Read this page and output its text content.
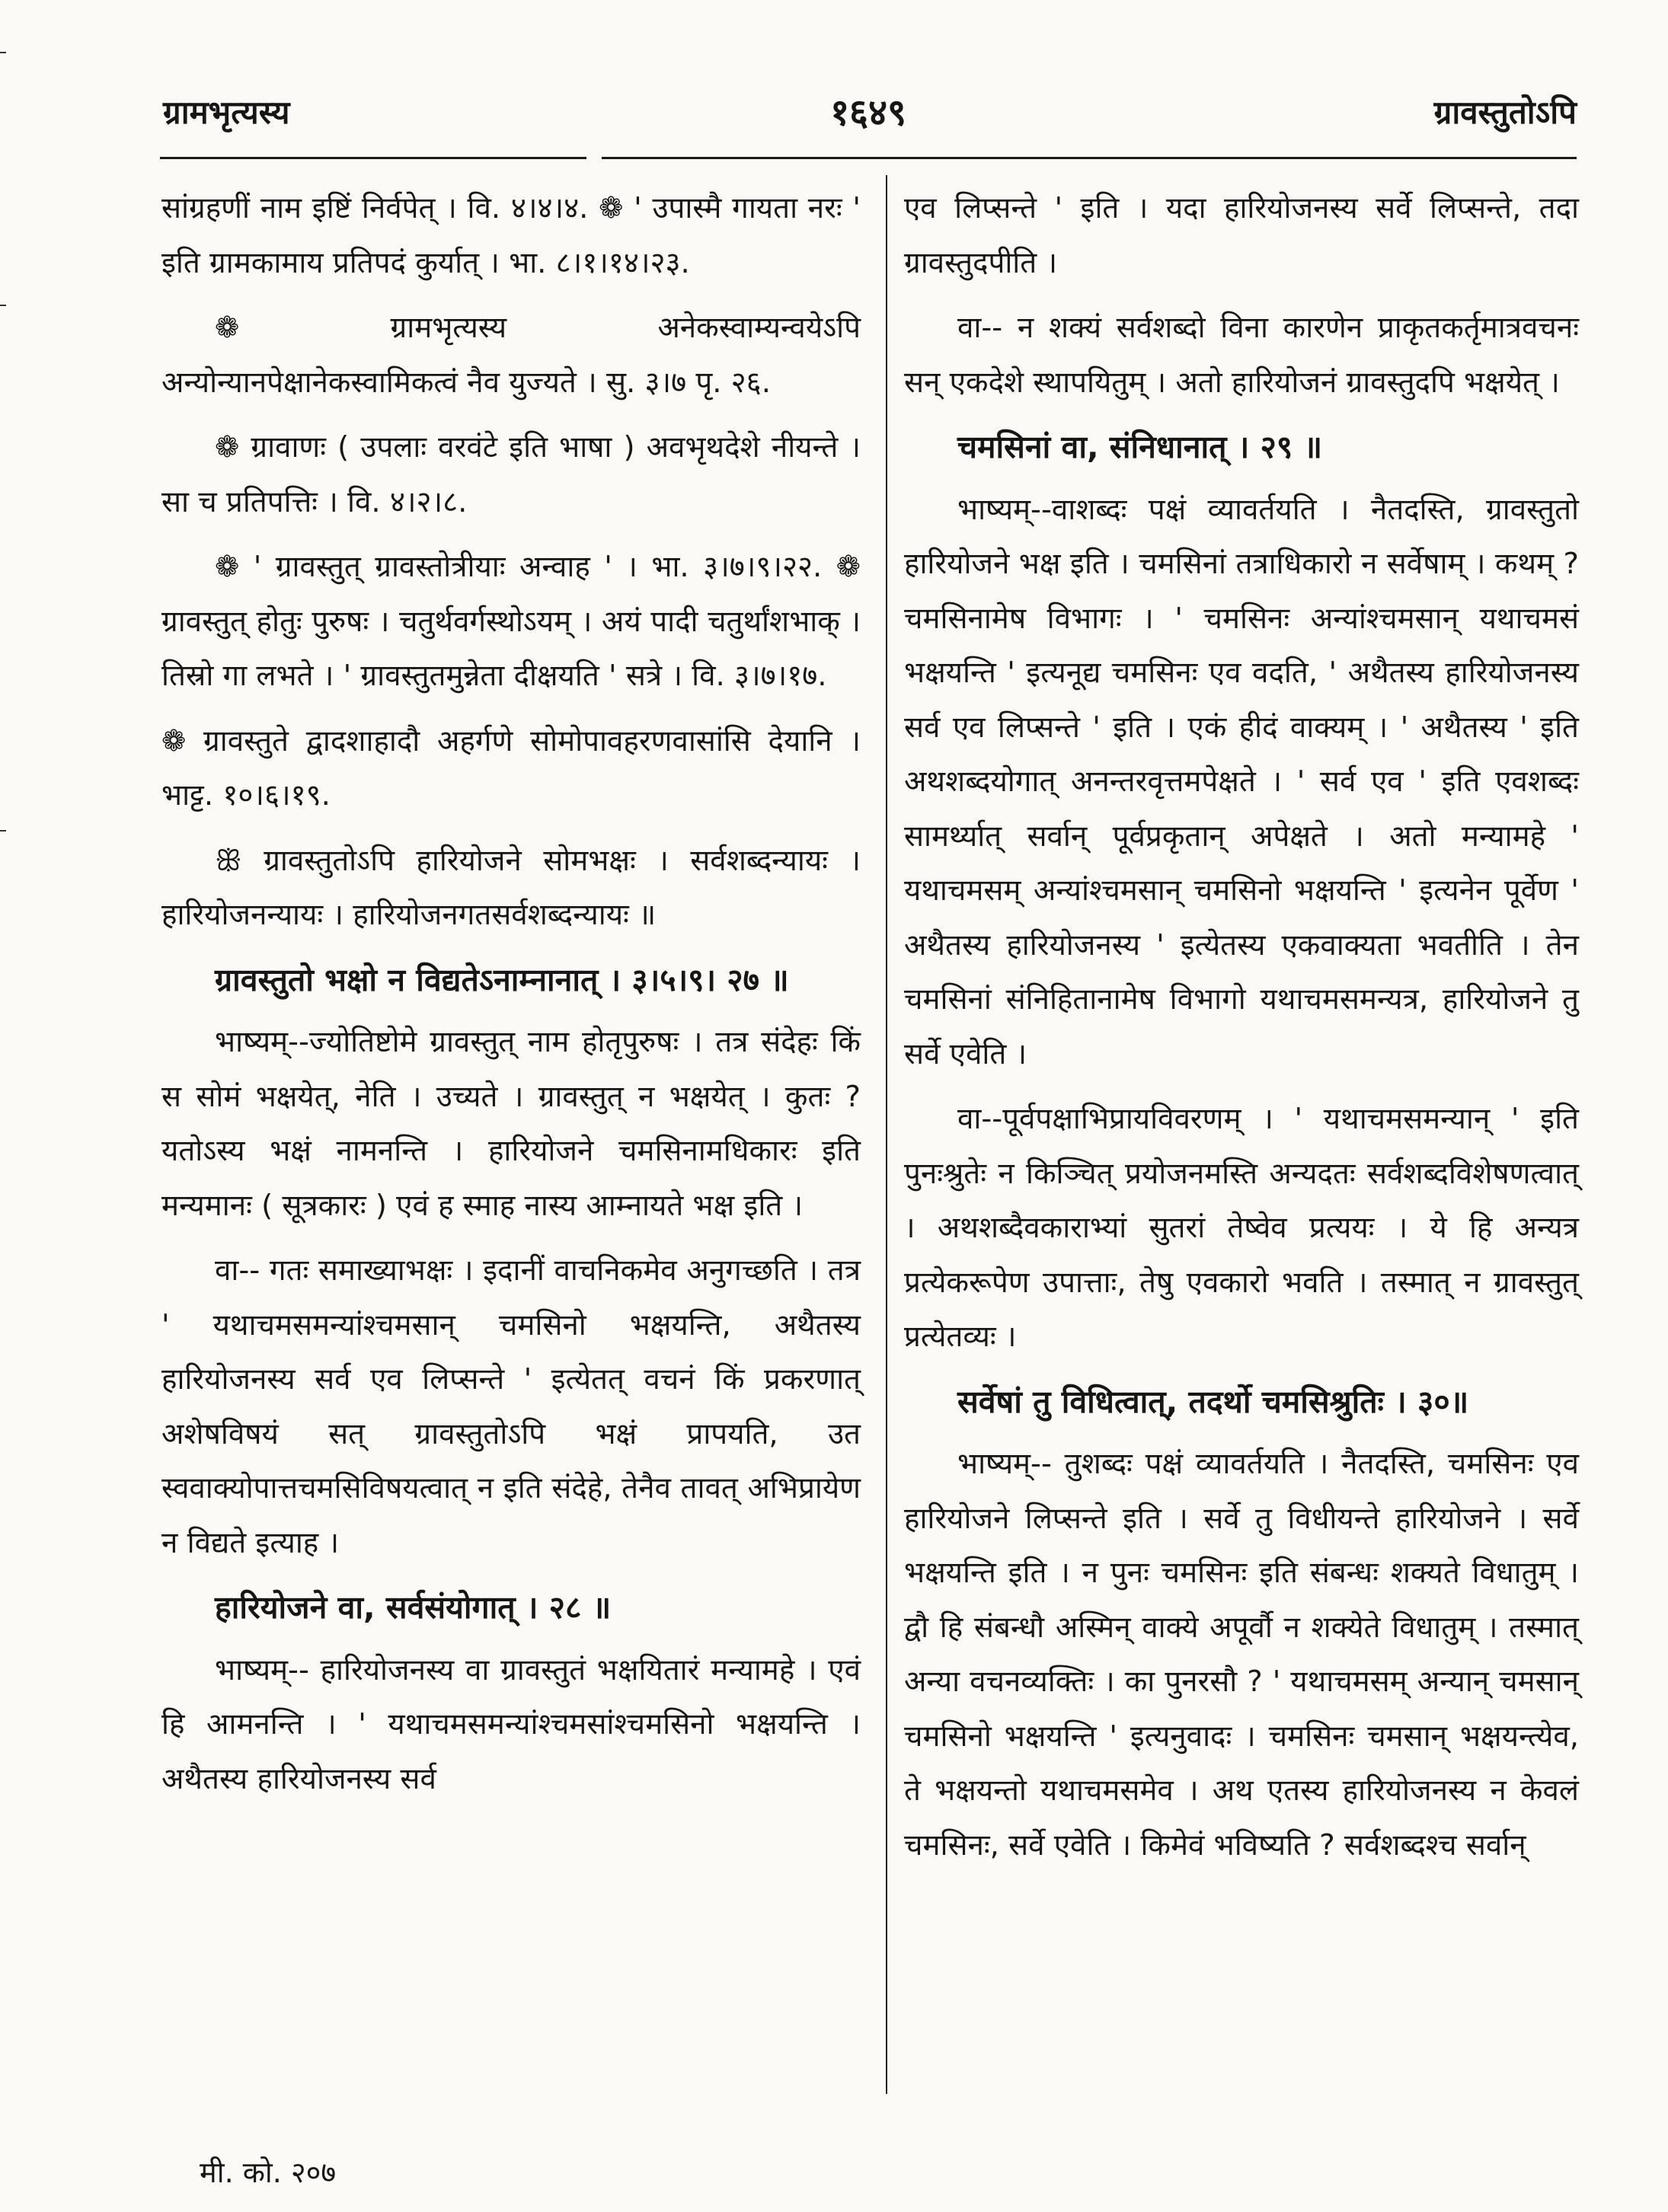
ग्रामभृत्यस्य	१६४९	ग्रावस्तुतोऽपि

सांग्रहणीं नाम इष्टिं निर्वपेत् । वि. ४।४।४. ❁ ' उपास्मै गायता नरः ' इति ग्रामकामाय प्रतिपदं कुर्यात् । भा. ८।१।१४।२३.

❁ ग्रामभृत्यस्य अनेकस्वाम्यन्वयेऽपि अन्योन्यानपेक्षानेकस्वामिकत्वं नैव युज्यते । सु. ३।७ पृ. २६.

❁ ग्रावाणः ( उपलाः वरवंटे इति भाषा ) अवभृथदेशे नीयन्ते । सा च प्रतिपत्तिः । वि. ४।२।८.

❁ ' ग्रावस्तुत् ग्रावस्तोत्रीयाः अन्वाह ' । भा. ३।७।९।२२. ❁ ग्रावस्तुत् होतुः पुरुषः । चतुर्थवर्गस्थोऽयम् । अयं पादी चतुर्थांशभाक् । तिस्रो गा लभते । ' ग्रावस्तुतमुन्नेता दीक्षयति ' सत्रे । वि. ३।७।१७.

❁ ग्रावस्तुते द्वादशाहादौ अहर्गणे सोमोपावहरणवासांसि देयानि । भाट्ट. १०।६।१९.

ꕥ ग्रावस्तुतोऽपि हारियोजने सोमभक्षः । सर्वशब्दन्यायः । हारियोजनन्यायः । हारियोजनगतसर्वशब्दन्यायः ॥

ग्रावस्तुतो भक्षो न विद्यतेऽनाम्नानात् । ३।५।९। २७ ॥

भाष्यम्--ज्योतिष्टोमे ग्रावस्तुत् नाम होतृपुरुषः । तत्र संदेहः किं स सोमं भक्षयेत्, नेति । उच्यते । ग्रावस्तुत् न भक्षयेत् । कुतः ? यतोऽस्य भक्षं नामनन्ति । हारियोजने चमसिनामधिकारः इति मन्यमानः ( सूत्रकारः ) एवं ह स्माह नास्य आम्नायते भक्ष इति ।

वा-- गतः समाख्याभक्षः । इदानीं वाचनिकमेव अनुगच्छति । तत्र ' यथाचमसमन्यांश्चमसान् चमसिनो भक्षयन्ति, अथैतस्य हारियोजनस्य सर्व एव लिप्सन्ते ' इत्येतत् वचनं किं प्रकरणात् अशेषविषयं सत् ग्रावस्तुतोऽपि भक्षं प्रापयति, उत स्ववाक्योपात्तचमसिविषयत्वात् न इति संदेहे, तेनैव तावत् अभिप्रायेण न विद्यते इत्याह ।

हारियोजने वा, सर्वसंयोगात् । २८ ॥

भाष्यम्-- हारियोजनस्य वा ग्रावस्तुतं भक्षयितारं मन्यामहे । एवं हि आमनन्ति । ' यथाचमसमन्यांश्चमसांश्चमसिनो भक्षयन्ति । अथैतस्य हारियोजनस्य सर्व

एव लिप्सन्ते ' इति । यदा हारियोजनस्य सर्वे लिप्सन्ते, तदा ग्रावस्तुदपीति ।

वा-- न शक्यं सर्वशब्दो विना कारणेन प्राकृतकर्तृमात्रवचनः सन् एकदेशे स्थापयितुम् । अतो हारियोजनं ग्रावस्तुदपि भक्षयेत् ।

चमसिनां वा, संनिधानात् । २९ ॥

भाष्यम्--वाशब्दः पक्षं व्यावर्तयति । नैतदस्ति, ग्रावस्तुतो हारियोजने भक्ष इति । चमसिनां तत्राधिकारो न सर्वेषाम् । कथम् ? चमसिनामेष विभागः । ' चमसिनः अन्यांश्चमसान् यथाचमसं भक्षयन्ति ' इत्यनूद्य चमसिनः एव वदति, ' अथैतस्य हारियोजनस्य सर्व एव लिप्सन्ते ' इति । एकं हीदं वाक्यम् । ' अथैतस्य ' इति अथशब्दयोगात् अनन्तरवृत्तमपेक्षते । ' सर्व एव ' इति एवशब्दः सामर्थ्यात् सर्वान् पूर्वप्रकृतान् अपेक्षते । अतो मन्यामहे ' यथाचमसम् अन्यांश्चमसान् चमसिनो भक्षयन्ति ' इत्यनेन पूर्वेण ' अथैतस्य हारियोजनस्य ' इत्येतस्य एकवाक्यता भवतीति । तेन चमसिनां संनिहितानामेष विभागो यथाचमसमन्यत्र, हारियोजने तु सर्वे एवेति ।

वा--पूर्वपक्षाभिप्रायविवरणम् । ' यथाचमसमन्यान् ' इति पुनःश्रुतेः न किञ्चित् प्रयोजनमस्ति अन्यदतः सर्वशब्दविशेषणत्वात् । अथशब्दैवकाराभ्यां सुतरां तेष्वेव प्रत्ययः । ये हि अन्यत्र प्रत्येकरूपेण उपात्ताः, तेषु एवकारो भवति । तस्मात् न ग्रावस्तुत् प्रत्येतव्यः ।

सर्वेषां तु विधित्वात्, तदर्थो चमसिश्रुतिः । ३०॥

भाष्यम्-- तुशब्दः पक्षं व्यावर्तयति । नैतदस्ति, चमसिनः एव हारियोजने लिप्सन्ते इति । सर्वे तु विधीयन्ते हारियोजने । सर्वे भक्षयन्ति इति । न पुनः चमसिनः इति संबन्धः शक्यते विधातुम् । द्वौ हि संबन्धौ अस्मिन् वाक्ये अपूर्वौ न शक्येते विधातुम् । तस्मात् अन्या वचनव्यक्तिः । का पुनरसौ ? ' यथाचमसम् अन्यान् चमसान् चमसिनो भक्षयन्ति ' इत्यनुवादः । चमसिनः चमसान् भक्षयन्त्येव, ते भक्षयन्तो यथाचमसमेव । अथ एतस्य हारियोजनस्य न केवलं चमसिनः, सर्वे एवेति । किमेवं भविष्यति ? सर्वशब्दश्च सर्वान्

मी. को. २०७
